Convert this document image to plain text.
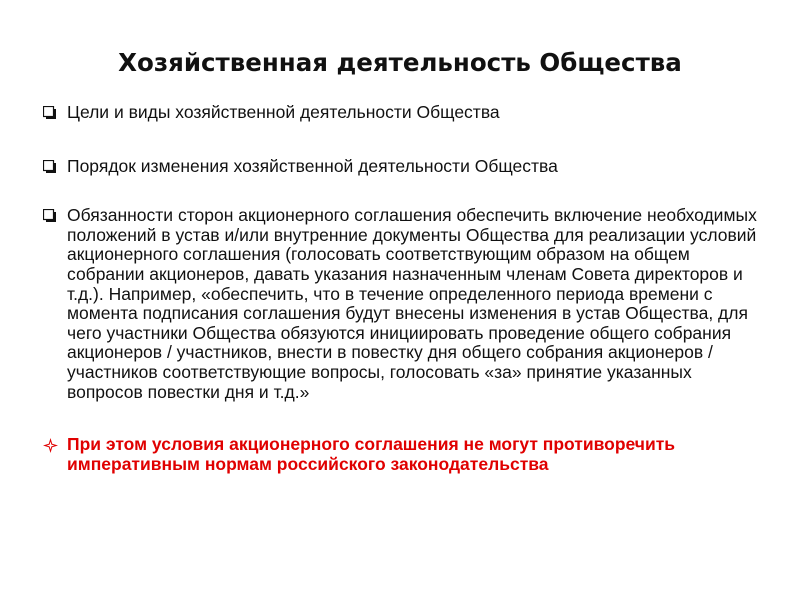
Хозяйственная деятельность Общества
Цели и виды хозяйственной деятельности Общества
Порядок изменения хозяйственной деятельности Общества
Обязанности сторон акционерного соглашения обеспечить включение необходимых положений в устав и/или внутренние документы Общества для реализации условий акционерного соглашения (голосовать соответствующим образом на общем собрании акционеров, давать указания назначенным членам Совета директоров и т.д.). Например, «обеспечить, что в течение определенного периода времени с момента подписания соглашения будут внесены изменения в устав Общества, для чего участники Общества обязуются инициировать проведение общего собрания акционеров / участников, внести в повестку дня общего собрания акционеров / участников соответствующие вопросы, голосовать «за» принятие указанных вопросов повестки дня и т.д.»
При этом условия акционерного соглашения не могут противоречить императивным нормам российского законодательства
